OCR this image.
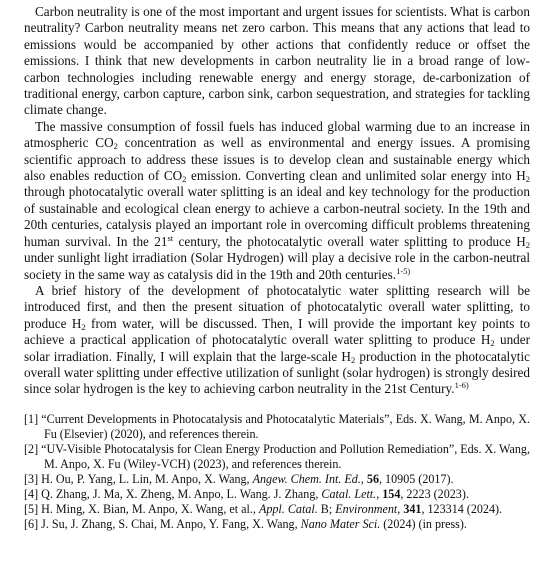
Carbon neutrality is one of the most important and urgent issues for scientists. What is carbon neutrality? Carbon neutrality means net zero carbon. This means that any actions that lead to emissions would be accompanied by other actions that confidently reduce or offset the emissions. I think that new developments in carbon neutrality lie in a broad range of low-carbon technologies including renewable energy and energy storage, de-carbonization of traditional energy, carbon capture, carbon sink, carbon sequestration, and strategies for tackling climate change.

The massive consumption of fossil fuels has induced global warming due to an increase in atmospheric $CO_2$ concentration as well as environmental and energy issues. A promising scientific approach to address these issues is to develop clean and sustainable energy which also enables reduction of $CO_2$ emission. Converting clean and unlimited solar energy into $H_2$ through photocatalytic overall water splitting is an ideal and key technology for the production of sustainable and ecological clean energy to achieve a carbon-neutral society. In the 19th and 20th centuries, catalysis played an important role in overcoming difficult problems threatening human survival. In the 21st century, the photocatalytic overall water splitting to produce $H_2$ under sunlight light irradiation (Solar Hydrogen) will play a decisive role in the carbon-neutral society in the same way as catalysis did in the 19th and 20th centuries.$^{1-5)}$

A brief history of the development of photocatalytic water splitting research will be introduced first, and then the present situation of photocatalytic overall water splitting, to produce $H_2$ from water, will be discussed. Then, I will provide the important key points to achieve a practical application of photocatalytic overall water splitting to produce $H_2$ under solar irradiation. Finally, I will explain that the large-scale $H_2$ production in the photocatalytic overall water splitting under effective utilization of sunlight (solar hydrogen) is strongly desired since solar hydrogen is the key to achieving carbon neutrality in the 21st Century.$^{1-6)}$

[1] “Current Developments in Photocatalysis and Photocatalytic Materials”, Eds. X. Wang, M. Anpo, X. Fu (Elsevier) (2020), and references therein.
[2] “UV-Visible Photocatalysis for Clean Energy Production and Pollution Remediation”, Eds. X. Wang, M. Anpo, X. Fu (Wiley-VCH) (2023), and references therein.
[3] H. Ou, P. Yang, L. Lin, M. Anpo, X. Wang, Angew. Chem. Int. Ed., 56, 10905 (2017).
[4] Q. Zhang, J. Ma, X. Zheng, M. Anpo, L. Wang. J. Zhang, Catal. Lett., 154, 2223 (2023).
[5] H. Ming, X. Bian, M. Anpo, X. Wang, et al., Appl. Catal. B; Environment, 341, 123314 (2024).
[6] J. Su, J. Zhang, S. Chai, M. Anpo, Y. Fang, X. Wang, Nano Mater Sci. (2024) (in press).
